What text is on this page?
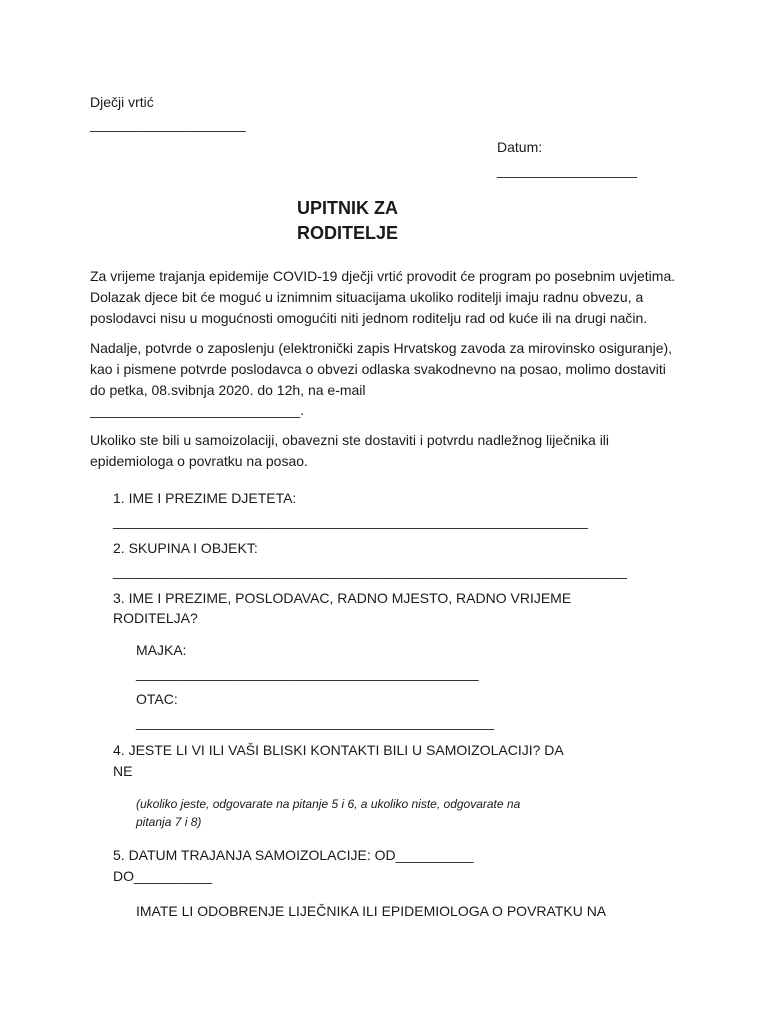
Dječji vrtić
____________________
Datum:
__________________
UPITNIK ZA
RODITELJE
Za vrijeme trajanja epidemije COVID-19 dječji vrtić provodit će program po posebnim uvjetima. Dolazak djece bit će moguć u iznimnim situacijama ukoliko roditelji imaju radnu obvezu, a poslodavci nisu u mogućnosti omogućiti niti jednom roditelju rad od kuće ili na drugi način.
Nadalje, potvrde o zaposlenju (elektronički zapis Hrvatskog zavoda za mirovinsko osiguranje), kao i pismene potvrde poslodavca o obvezi odlaska svakodnevno na posao, molimo dostaviti do petka, 08.svibnja 2020. do 12h, na e-mail
___________________________.
Ukoliko ste bili u samoizolaciji, obavezni ste dostaviti i potvrdu nadležnog liječnika ili epidemiologa o povratku na posao.
1. IME I PREZIME DJETETA:
_____________________________________________________________
2. SKUPINA I OBJEKT:
__________________________________________________________________
3. IME I PREZIME, POSLODAVAC, RADNO MJESTO, RADNO VRIJEME
RODITELJA?
MAJKA:
____________________________________________
OTAC:
______________________________________________
4. JESTE LI VI ILI VAŠI BLISKI KONTAKTI BILI U SAMOIZOLACIJI? DA
NE
(ukoliko jeste, odgovarate na pitanje 5 i 6, a ukoliko niste, odgovarate na
pitanja 7 i 8)
5. DATUM TRAJANJA SAMOIZOLACIJE: OD__________
DO__________
IMATE LI ODOBRENJE LIJEČNIKA ILI EPIDEMIOLOGA O POVRATKU NA
